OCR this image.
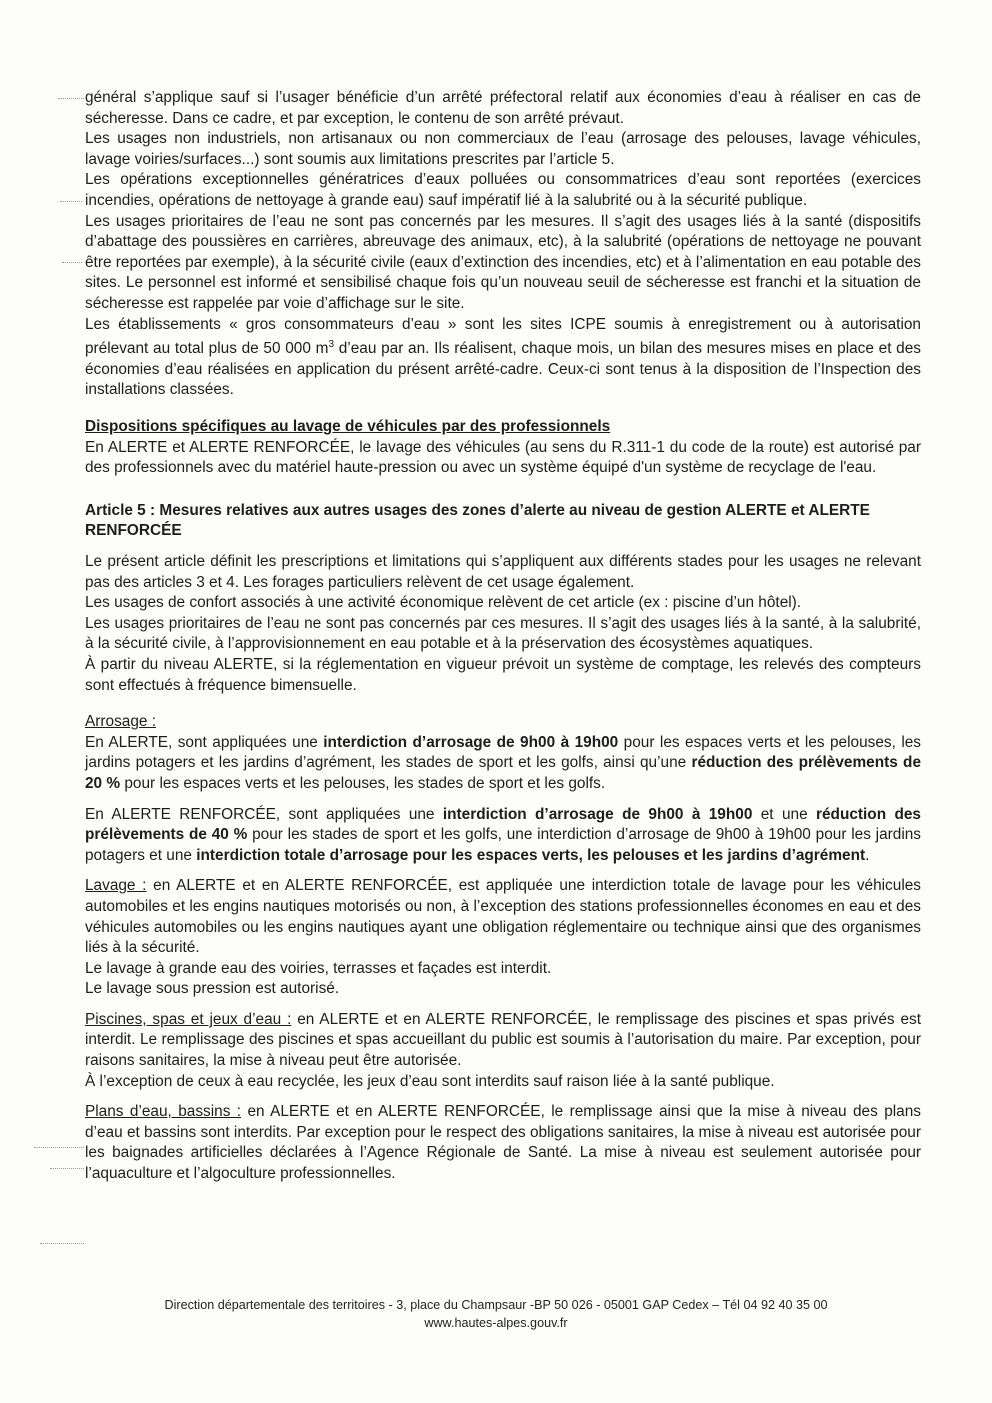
général s’applique sauf si l’usager bénéficie d’un arrêté préfectoral relatif aux économies d’eau à réaliser en cas de sécheresse. Dans ce cadre, et par exception, le contenu de son arrêté prévaut.

Les usages non industriels, non artisanaux ou non commerciaux de l’eau (arrosage des pelouses, lavage véhicules, lavage voiries/surfaces...) sont soumis aux limitations prescrites par l’article 5.

Les opérations exceptionnelles génératrices d’eaux polluées ou consommatrices d’eau sont reportées (exercices incendies, opérations de nettoyage à grande eau) sauf impératif lié à la salubrité ou à la sécurité publique.

Les usages prioritaires de l’eau ne sont pas concernés par les mesures. Il s’agit des usages liés à la santé (dispositifs d’abattage des poussières en carrières, abreuvage des animaux, etc), à la salubrité (opérations de nettoyage ne pouvant être reportées par exemple), à la sécurité civile (eaux d’extinction des incendies, etc) et à l’alimentation en eau potable des sites. Le personnel est informé et sensibilisé chaque fois qu’un nouveau seuil de sécheresse est franchi et la situation de sécheresse est rappelée par voie d’affichage sur le site.

Les établissements « gros consommateurs d’eau » sont les sites ICPE soumis à enregistrement ou à autorisation prélevant au total plus de 50 000 $m^3$ d’eau par an. Ils réalisent, chaque mois, un bilan des mesures mises en place et des économies d’eau réalisées en application du présent arrêté-cadre. Ceux-ci sont tenus à la disposition de l’Inspection des installations classées.

Dispositions spécifiques au lavage de véhicules par des professionnels

En ALERTE et ALERTE RENFORCÉE, le lavage des véhicules (au sens du R.311-1 du code de la route) est autorisé par des professionnels avec du matériel haute-pression ou avec un système équipé d'un système de recyclage de l'eau.

Article 5 : Mesures relatives aux autres usages des zones d’alerte au niveau de gestion ALERTE et ALERTE RENFORCÉE

Le présent article définit les prescriptions et limitations qui s’appliquent aux différents stades pour les usages ne relevant pas des articles 3 et 4. Les forages particuliers relèvent de cet usage également.

Les usages de confort associés à une activité économique relèvent de cet article (ex : piscine d’un hôtel).

Les usages prioritaires de l’eau ne sont pas concernés par ces mesures. Il s’agit des usages liés à la santé, à la salubrité, à la sécurité civile, à l’approvisionnement en eau potable et à la préservation des écosystèmes aquatiques.

À partir du niveau ALERTE, si la réglementation en vigueur prévoit un système de comptage, les relevés des compteurs sont effectués à fréquence bimensuelle.

Arrosage :

En ALERTE, sont appliquées une interdiction d’arrosage de 9h00 à 19h00 pour les espaces verts et les pelouses, les jardins potagers et les jardins d’agrément, les stades de sport et les golfs, ainsi qu’une réduction des prélèvements de 20 % pour les espaces verts et les pelouses, les stades de sport et les golfs.

En ALERTE RENFORCÉE, sont appliquées une interdiction d’arrosage de 9h00 à 19h00 et une réduction des prélèvements de 40 % pour les stades de sport et les golfs, une interdiction d’arrosage de 9h00 à 19h00 pour les jardins potagers et une interdiction totale d’arrosage pour les espaces verts, les pelouses et les jardins d’agrément.

Lavage : en ALERTE et en ALERTE RENFORCÉE, est appliquée une interdiction totale de lavage pour les véhicules automobiles et les engins nautiques motorisés ou non, à l’exception des stations professionnelles économes en eau et des véhicules automobiles ou les engins nautiques ayant une obligation réglementaire ou technique ainsi que des organismes liés à la sécurité.

Le lavage à grande eau des voiries, terrasses et façades est interdit.

Le lavage sous pression est autorisé.

Piscines, spas et jeux d’eau : en ALERTE et en ALERTE RENFORCÉE, le remplissage des piscines et spas privés est interdit. Le remplissage des piscines et spas accueillant du public est soumis à l’autorisation du maire. Par exception, pour raisons sanitaires, la mise à niveau peut être autorisée.

À l’exception de ceux à eau recyclée, les jeux d’eau sont interdits sauf raison liée à la santé publique.

Plans d’eau, bassins : en ALERTE et en ALERTE RENFORCÉE, le remplissage ainsi que la mise à niveau des plans d’eau et bassins sont interdits. Par exception pour le respect des obligations sanitaires, la mise à niveau est autorisée pour les baignades artificielles déclarées à l’Agence Régionale de Santé. La mise à niveau est seulement autorisée pour l’aquaculture et l’algoculture professionnelles.

Direction départementale des territoires - 3, place du Champsaur -BP 50 026 - 05001 GAP Cedex – Tél 04 92 40 35 00
www.hautes-alpes.gouv.fr
